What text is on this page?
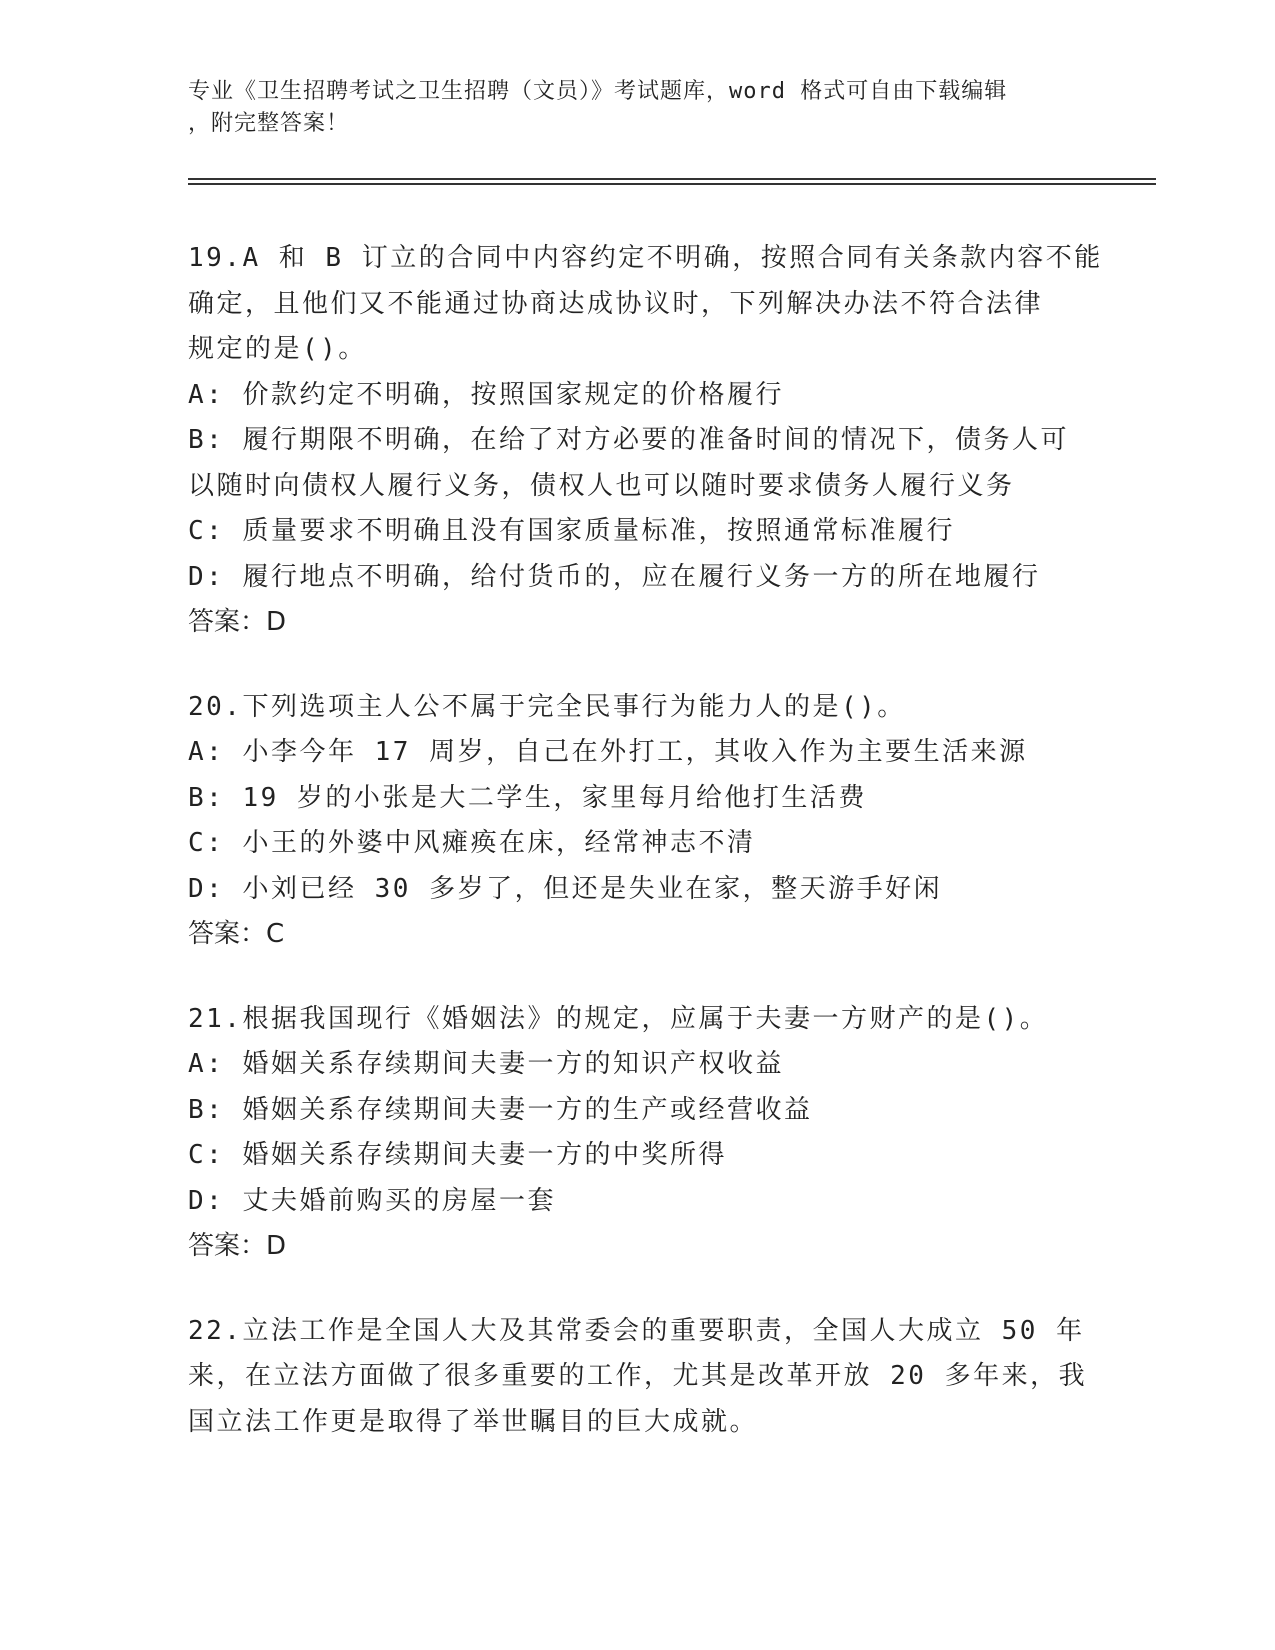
专业《卫生招聘考试之卫生招聘（文员）》考试题库，word 格式可自由下载编辑
，附完整答案！
19.A 和 B 订立的合同中内容约定不明确，按照合同有关条款内容不能
确定，且他们又不能通过协商达成协议时，下列解决办法不符合法律
规定的是()。
A: 价款约定不明确，按照国家规定的价格履行
B: 履行期限不明确，在给了对方必要的准备时间的情况下，债务人可
以随时向债权人履行义务，债权人也可以随时要求债务人履行义务
C: 质量要求不明确且没有国家质量标准，按照通常标准履行
D: 履行地点不明确，给付货币的，应在履行义务一方的所在地履行
答案：D
20.下列选项主人公不属于完全民事行为能力人的是()。
A: 小李今年 17 周岁，自己在外打工，其收入作为主要生活来源
B: 19 岁的小张是大二学生，家里每月给他打生活费
C: 小王的外婆中风瘫痪在床，经常神志不清
D: 小刘已经 30 多岁了，但还是失业在家，整天游手好闲
答案：C
21.根据我国现行《婚姻法》的规定，应属于夫妻一方财产的是()。
A: 婚姻关系存续期间夫妻一方的知识产权收益
B: 婚姻关系存续期间夫妻一方的生产或经营收益
C: 婚姻关系存续期间夫妻一方的中奖所得
D: 丈夫婚前购买的房屋一套
答案：D
22.立法工作是全国人大及其常委会的重要职责，全国人大成立 50 年
来，在立法方面做了很多重要的工作，尤其是改革开放 20 多年来，我
国立法工作更是取得了举世瞩目的巨大成就。
